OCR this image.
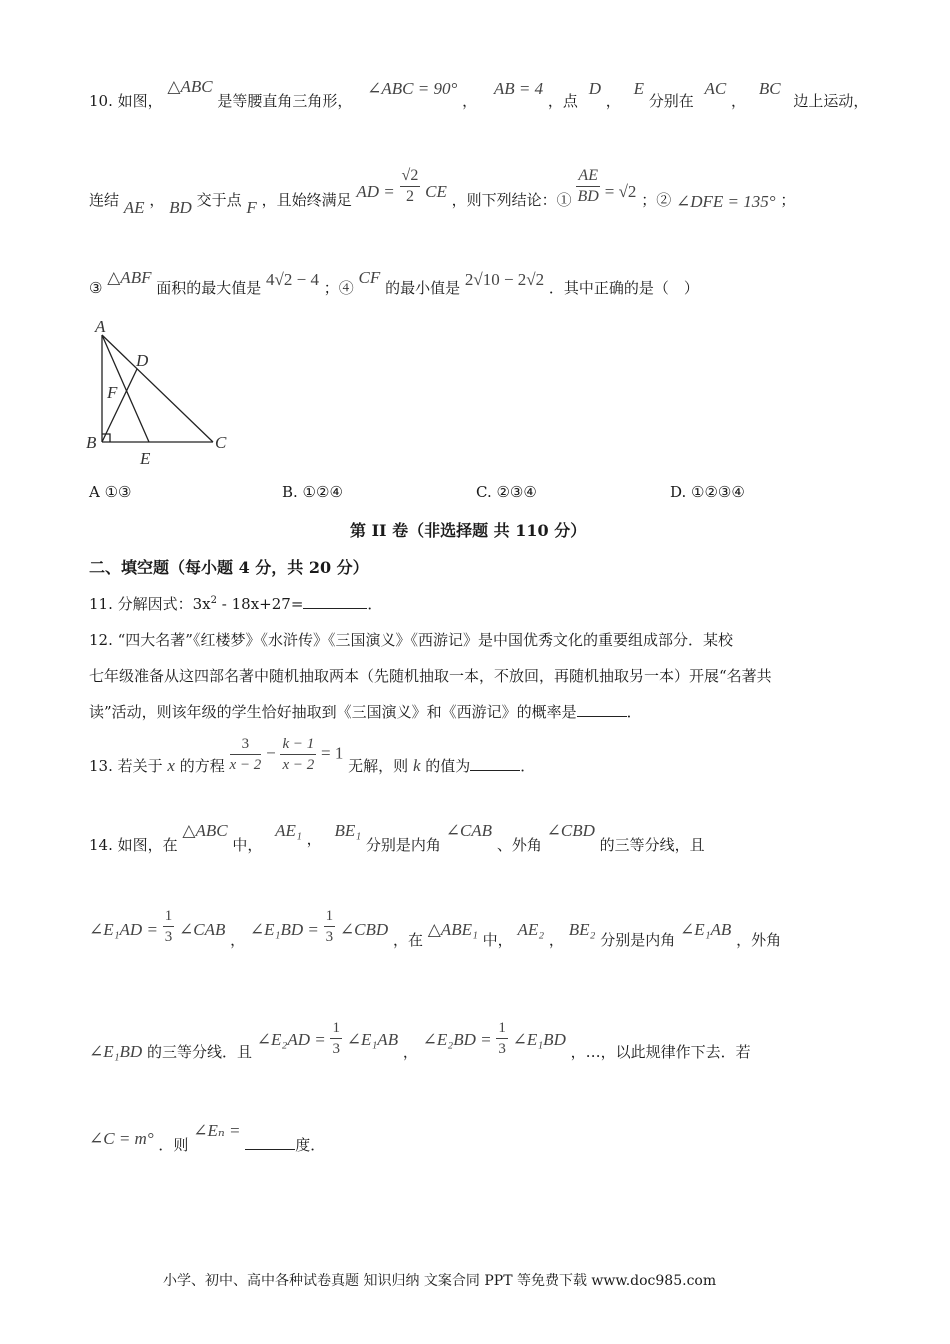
10. 如图， △ABC 是等腰直角三角形， ∠ABC = 90° ， AB = 4 ，点 D ， E 分别在 AC ， BC 边上运动，
连结 AE ， BD 交于点 F ，且始终满足 AD = $\frac{√2}{2}$ CE ，则下列结论：① $\frac{AE}{BD} = √2$ ；② ∠DFE = 135° ；
③ △ABF 面积的最大值是 4√2 − 4 ；④ CF 的最小值是 2√10 − 2√2 ．其中正确的是（　）
A
D
F
B
E
C
A ①③	B. ①②④	C. ②③④	D. ①②③④
第 II 卷（非选择题 共 110 分）
二、填空题（每小题 4 分，共 20 分）
11. 分解因式：$3x^2 - 18x+27=$	．
12. “四大名著”《红楼梦》《水浒传》《三国演义》《西游记》是中国优秀文化的重要组成部分．某校
七年级准备从这四部名著中随机抽取两本（先随机抽取一本，不放回，再随机抽取另一本）开展“名著共
读”活动，则该年级的学生恰好抽取到《三国演义》和《西游记》的概率是	．
13. 若关于 x 的方程 $\frac{3}{x - 2} - \frac{k - 1}{x - 2} = 1$ 无解，则 k 的值为	．
14. 如图，在 △ABC 中， AE₁ ， BE₁ 分别是内角 ∠CAB 、外角 ∠CBD 的三等分线，且
∠E₁AD = $\frac{1}{3}$ ∠CAB ， ∠E₁BD = $\frac{1}{3}$ ∠CBD ，在 △ABE₁ 中， AE₂ ， BE₂ 分别是内角 ∠E₁AB ，外角
∠E₁BD 的三等分线．且 ∠E₂AD = $\frac{1}{3}$ ∠E₁AB ， ∠E₂BD = $\frac{1}{3}$ ∠E₁BD ，…，以此规律作下去．若
∠C = m° ．则 ∠Eₙ = 度．
小学、初中、高中各种试卷真题 知识归纳 文案合同 PPT 等免费下载 www.doc985.com
